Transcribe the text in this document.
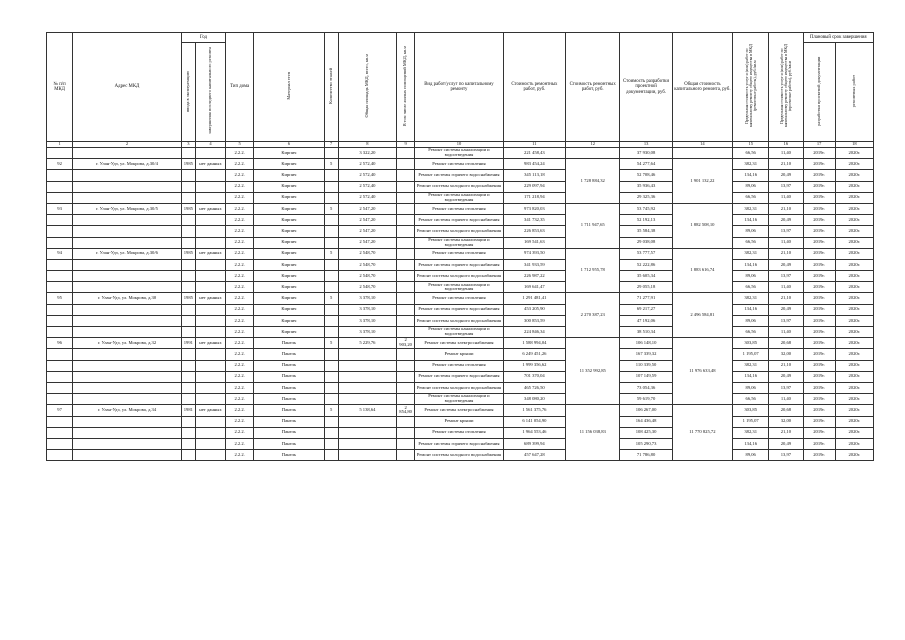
№ п/п МКД	Адрес МКД	Год		Тип дома	Материал стен	Количество этажей	Общая площадь МКД, всего, кв.м	В том числе жилых помещений МКД, кв.м	Вид работ/услуг по капитальному ремонту	Стоимость ремонтных работ, руб.	Стоимость ремонтных работ, руб.	Стоимость разработки проектной документации, руб.	Общая стоимость капитального ремонта, руб.	Предельная стоимость услуг и (или) работ по капитальному ремонту общего имущества в МКД (ремонтные работы), руб./кв.м	Предельная стоимость услуг и (или) работ по капитальному ремонту общего имущества в МКД (проектные работы), руб./кв.м	Плановый срок завершения	
		ввода в эксплуатацию	завершения последнего капитального ремонта													разработки проектной документации	ремонтных работ
1	2	3	4	5	6	7	8	9	10	11	12	13	14	15	16	17	18
				2.2.2.	Кирпич		3 322,20		Ремонт системы канализации и водоотведения	221 458,43		37 930,08		66,56	11,40	2019г.	2020г.
92	г. Улан-Удэ, ул. Мокрова, д.30/4	1985	нет данных	2.2.2.	Кирпич	5	2 572,40		Ремонт системы отопления	983 454,24	1 728 884,32	54 277,64	1 901 132,22	382,31	21,10	2019г.	2020г.
				2.2.2.	Кирпич		2 572,40		Ремонт системы горячего водоснабжения	345 113,18		52 708,46		134,16	20,49	2019г.	2020г.
				2.2.2.	Кирпич		2 572,40		Ремонт системы холодного водоснабжения	229 097,94		35 936,43		89,06	13,97	2019г.	2020г.
				2.2.2.	Кирпич		2 572,40		Ремонт системы канализации и водоотведения	171 218,94		29 325,36		66,56	11,40	2019г.	2020г.
93	г. Улан-Удэ, ул. Мокрова, д.30/5	1985	нет данных	2.2.2.	Кирпич	5	2 547,20		Ремонт системы отопления	973 820,03	1 711 947,65	53 745,92	1 882 508,10	382,31	21,10	2019г.	2020г.
				2.2.2.	Кирпич		2 547,20		Ремонт системы горячего водоснабжения	341 732,35		52 192,13		134,16	20,49	2019г.	2020г.
				2.2.2.	Кирпич		2 547,20		Ремонт системы холодного водоснабжения	226 853,63		35 584,38		89,06	13,97	2019г.	2020г.
				2.2.2.	Кирпич		2 547,20		Ремонт системы канализации и водоотведения	169 541,63		29 038,08		66,56	11,40	2019г.	2020г.
94	г. Улан-Удэ, ул. Мокрова, д.30/6	1985	нет данных	2.2.2.	Кирпич	5	2 548,70		Ремонт системы отопления	974 393,50	1 712 955,78	53 777,57	1 883 616,74	382,31	21,10	2019г.	2020г.
				2.2.2.	Кирпич		2 548,70		Ремонт системы горячего водоснабжения	341 933,59		52 222,86		134,16	20,49	2019г.	2020г.
				2.2.2.	Кирпич		2 548,70		Ремонт системы холодного водоснабжения	226 987,22		35 605,34		89,06	13,97	2019г.	2020г.
				2.2.2.	Кирпич		2 548,70		Ремонт системы канализации и водоотведения	169 641,47		29 055,18		66,56	11,40	2019г.	2020г.
95	г. Улан-Удэ, ул. Мокрова, д.30	1985	нет данных	2.2.2.	Кирпич	5	3 378,10		Ремонт системы отопления	1 291 481,41	2 270 387,23	71 277,91	2 496 584,81	382,31	21,10	2019г.	2020г.
				2.2.2.	Кирпич		3 378,10		Ремонт системы горячего водоснабжения	453 205,90		69 217,27		134,16	20,49	2019г.	2020г.
				2.2.2.	Кирпич		3 378,10		Ремонт системы холодного водоснабжения	300 853,59		47 192,06		89,06	13,97	2019г.	2020г.
				2.2.2.	Кирпич		3 378,10		Ремонт системы канализации и водоотведения	224 846,34		38 510,34		66,56	11,40	2019г.	2020г.
96	г. Улан-Удэ, ул. Мокрова, д.32	1991	нет данных	2.2.2.	Панель	5	5 229,76	2 903,20	Ремонт системы электроснабжения	1 588 994,04	11 352 992,85	106 148,10	11 976 633,48	303,85	20,68	2019г.	2020г.
				2.2.2.	Панель				Ремонт крыши	6 249 451,26		167 339,32		1 195,07	32,00	2019г.	2020г.
				2.2.2.	Панель				Ремонт системы отопления	1 999 356,62		110 339,50		382,31	21,10	2019г.	2020г.
				2.2.2.	Панель				Ремонт системы горячего водоснабжения	701 370,04		107 149,59		134,16	20,49	2019г.	2020г.
				2.2.2.	Панель				Ремонт системы холодного водоснабжения	465 726,50		73 054,36		89,06	13,97	2019г.	2020г.
				2.2.2.	Панель				Ремонт системы канализации и водоотведения	348 080,20		59 619,70		66,56	11,40	2019г.	2020г.
97	г. Улан-Удэ, ул. Мокрова, д.34	1981	нет данных	2.2.2.	Панель	5	5 138,64	2 854,80	Ремонт системы электроснабжения	1 561 375,76	11 156 038,83	106 267,00	11 770 825,72	303,85	20,68	2019г.	2020г.
				2.2.2.	Панель				Ремонт крыши	6 141 054,90		164 436,48		1 195,07	32,00	2019г.	2020г.
				2.2.2.	Панель				Ремонт системы отопления	1 964 553,46		108 425,30		382,31	21,10	2019г.	2020г.
				2.2.2.	Панель				Ремонт системы горячего водоснабжения	689 399,94		105 290,73		134,16	20,49	2019г.	2020г.
				2.2.2.	Панель				Ремонт системы холодного водоснабжения	457 647,28		71 786,80		89,06	13,97	2019г.	2020г.
